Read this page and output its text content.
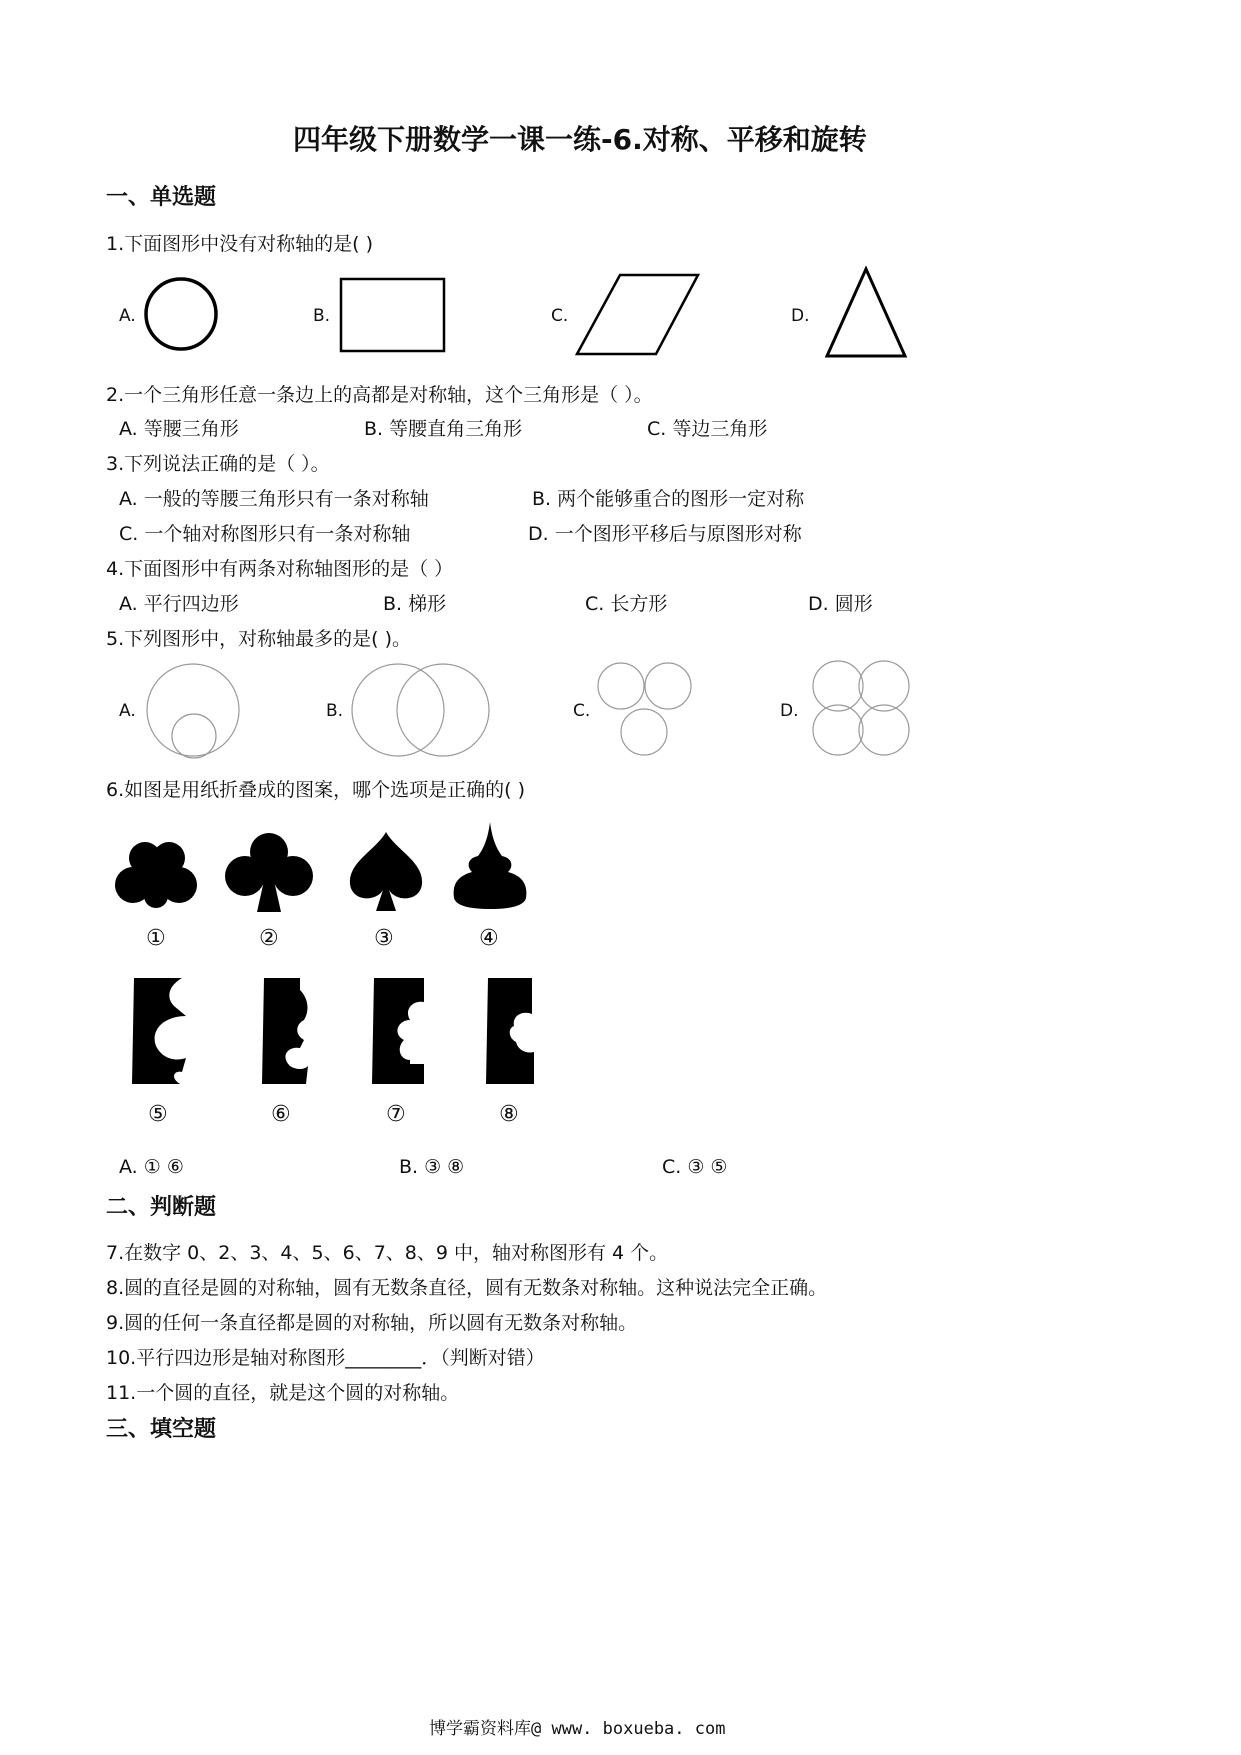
四年级下册数学一课一练-6.对称、平移和旋转
一、单选题
1.下面图形中没有对称轴的是( )
A.	B.	C.	D.
2.一个三角形任意一条边上的高都是对称轴，这个三角形是（ ）。
A. 等腰三角形	B. 等腰直角三角形	C. 等边三角形
3.下列说法正确的是（ ）。
A. 一般的等腰三角形只有一条对称轴	B. 两个能够重合的图形一定对称
C. 一个轴对称图形只有一条对称轴	D. 一个图形平移后与原图形对称
4.下面图形中有两条对称轴图形的是（ ）
A. 平行四边形	B. 梯形	C. 长方形	D. 圆形
5.下列图形中，对称轴最多的是( )。
A.	B.	C.	D.
6.如图是用纸折叠成的图案，哪个选项是正确的( )
①	②	③	④
⑤	⑥	⑦	⑧
A. ① ⑥	B. ③ ⑧	C. ③ ⑤
二、判断题
7.在数字 0、2、3、4、5、6、7、8、9 中，轴对称图形有 4 个。
8.圆的直径是圆的对称轴，圆有无数条直径，圆有无数条对称轴。这种说法完全正确。
9.圆的任何一条直径都是圆的对称轴，所以圆有无数条对称轴。
10.平行四边形是轴对称图形________．（判断对错）
11.一个圆的直径，就是这个圆的对称轴。
三、填空题
博学霸资料库@ www. boxueba. com
